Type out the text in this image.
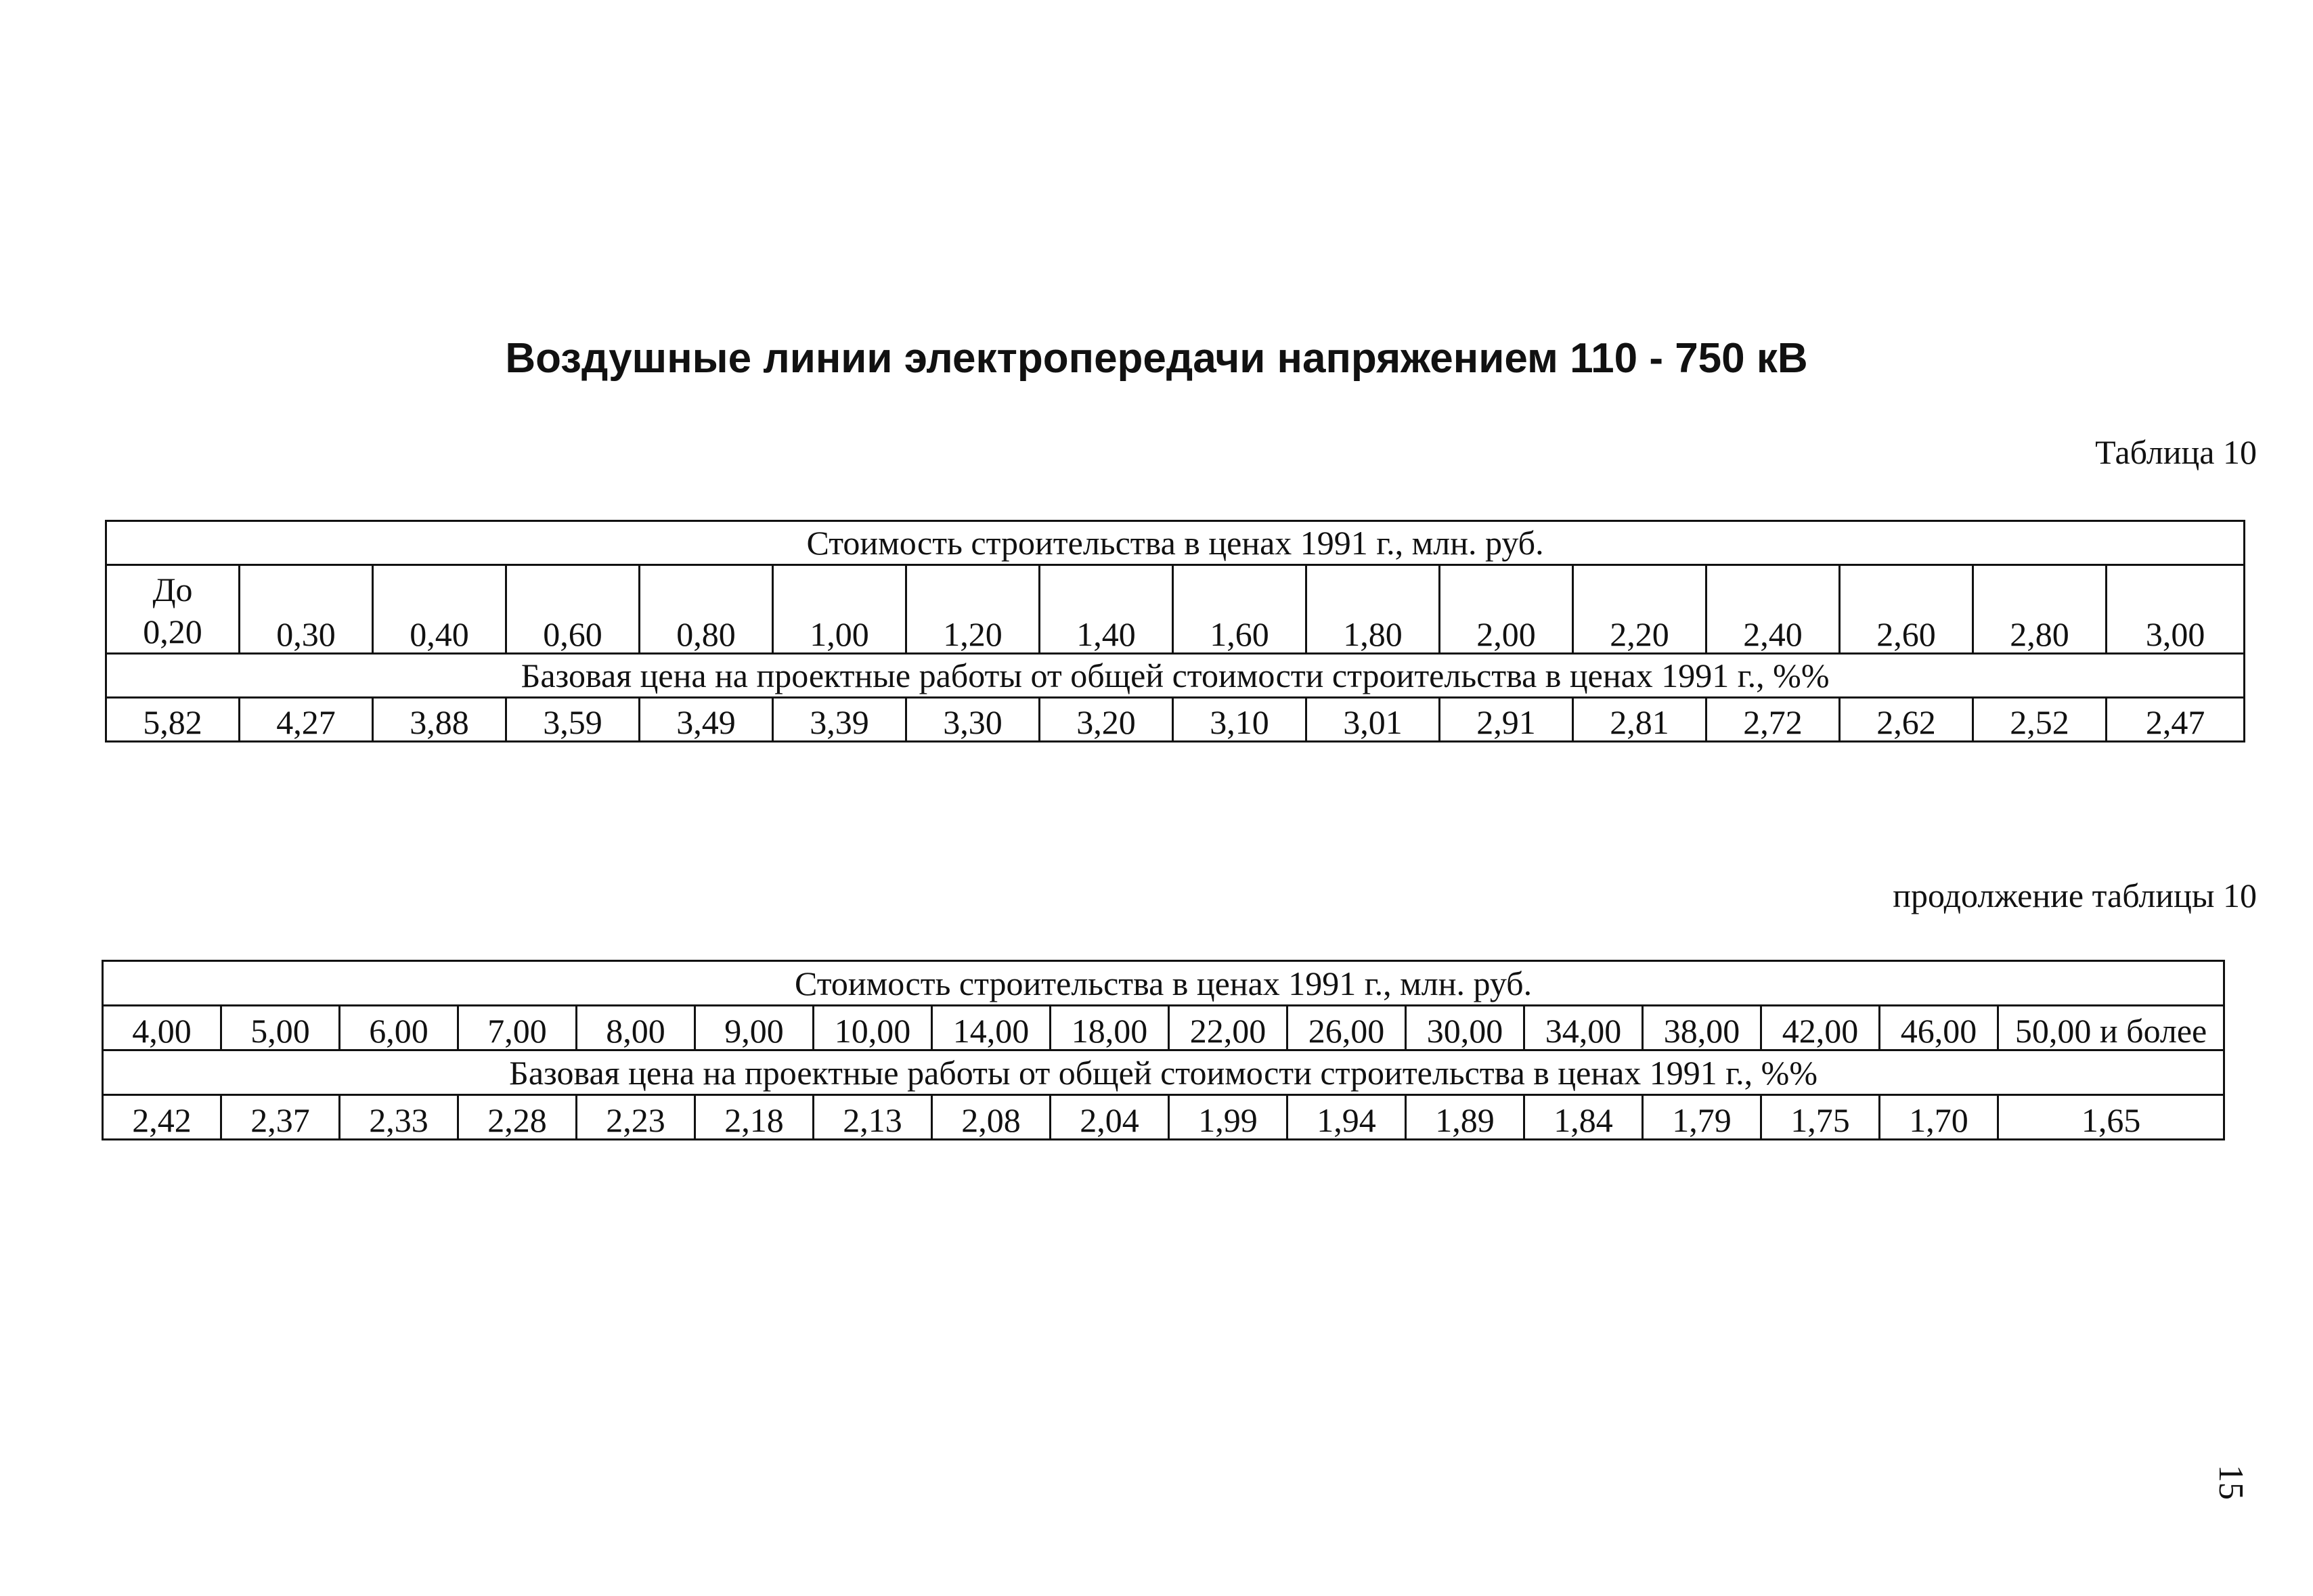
Воздушные линии электропередачи напряжением 110 - 750 кВ
Таблица 10
Стоимость строительства в ценах 1991 г., млн. руб.															
До
0,20	0,30	0,40	0,60	0,80	1,00	1,20	1,40	1,60	1,80	2,00	2,20	2,40	2,60	2,80	3,00
Базовая цена на проектные работы от общей стоимости строительства в ценах 1991 г., %%															
5,82	4,27	3,88	3,59	3,49	3,39	3,30	3,20	3,10	3,01	2,91	2,81	2,72	2,62	2,52	2,47
продолжение таблицы 10
Стоимость строительства в ценах 1991 г., млн. руб.																
4,00	5,00	6,00	7,00	8,00	9,00	10,00	14,00	18,00	22,00	26,00	30,00	34,00	38,00	42,00	46,00	50,00 и более
Базовая цена на проектные работы от общей стоимости строительства в ценах 1991 г., %%																
2,42	2,37	2,33	2,28	2,23	2,18	2,13	2,08	2,04	1,99	1,94	1,89	1,84	1,79	1,75	1,70	1,65
15
